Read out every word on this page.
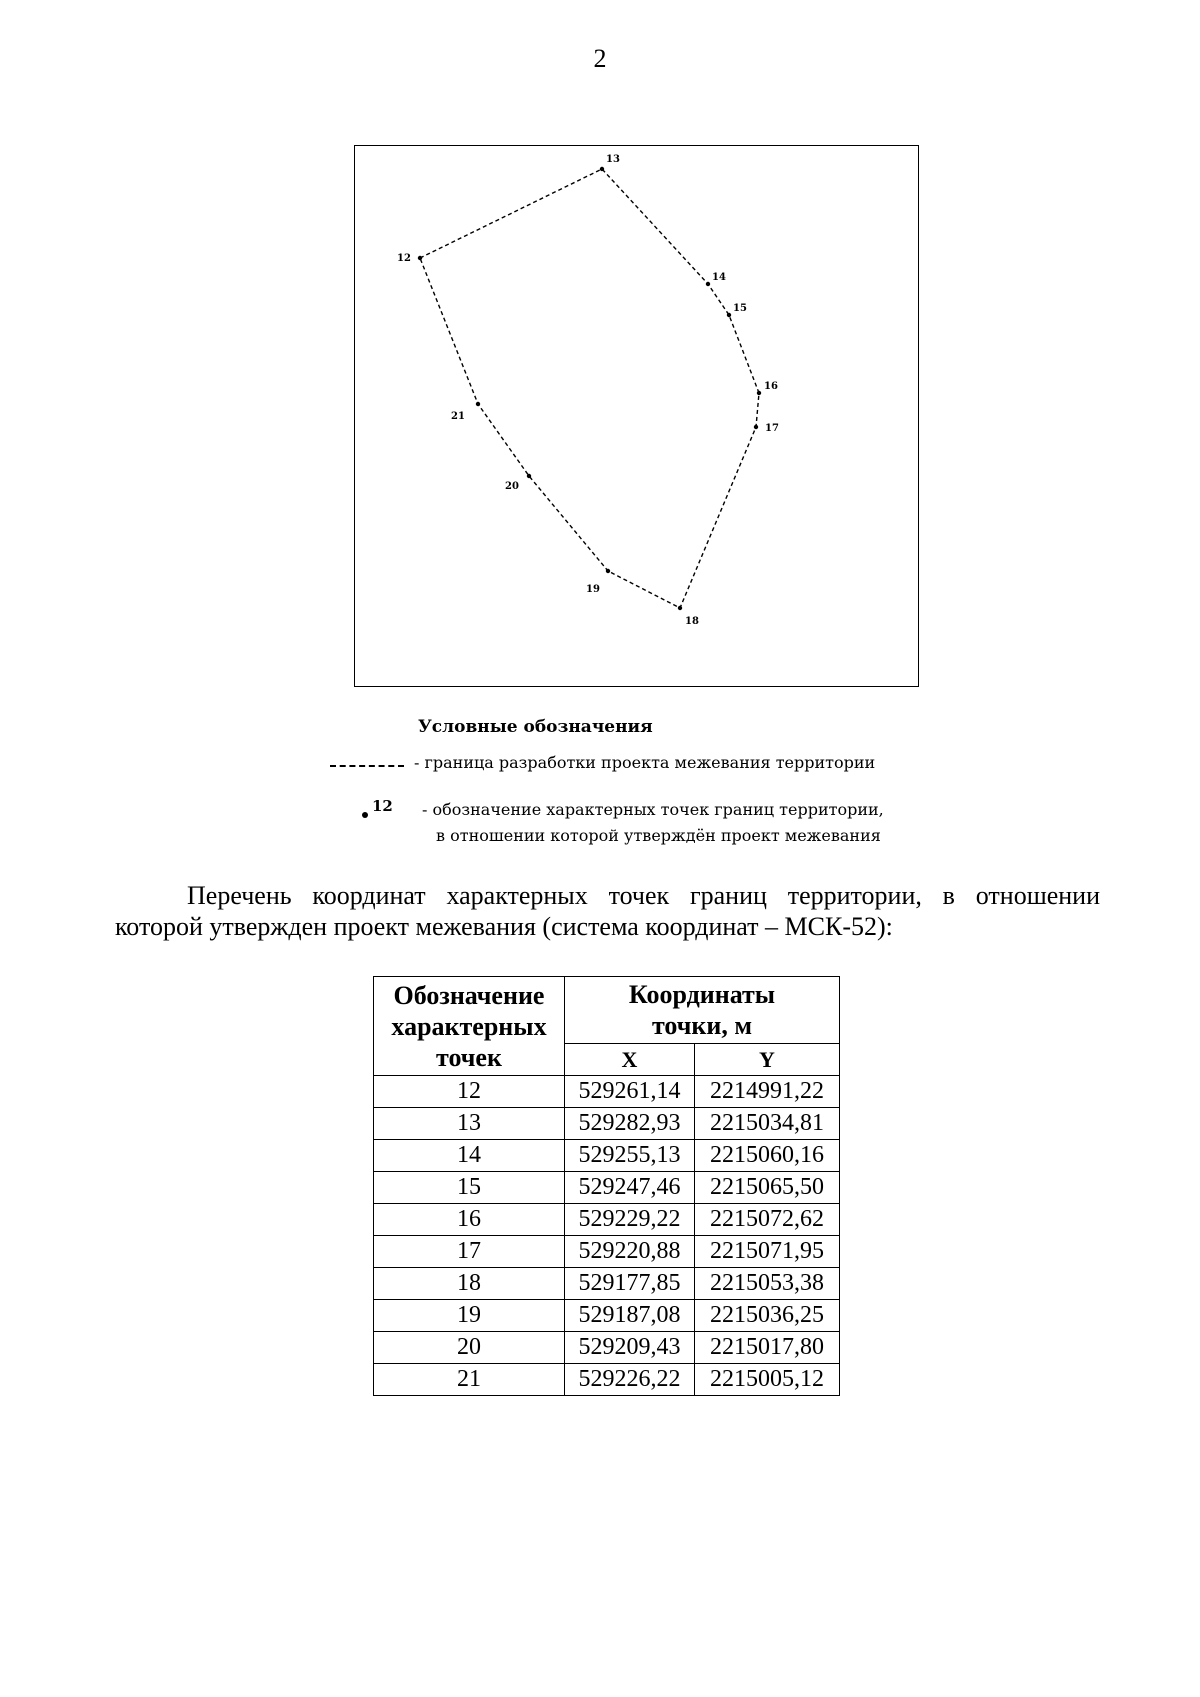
2
12
13
14
15
16
17
18
19
20
21
Условные обозначения
- граница разработки проекта межевания территории
12 - обозначение характерных точек границ территории,
в отношении которой утверждён проект межевания
Перечень координат характерных точек границ территории, в отношении
которой утвержден проект межевания (система координат – МСК-52):
Обозначение характерных точек	Координаты точки, м	
	X	Y
12	529261,14	2214991,22
13	529282,93	2215034,81
14	529255,13	2215060,16
15	529247,46	2215065,50
16	529229,22	2215072,62
17	529220,88	2215071,95
18	529177,85	2215053,38
19	529187,08	2215036,25
20	529209,43	2215017,80
21	529226,22	2215005,12
